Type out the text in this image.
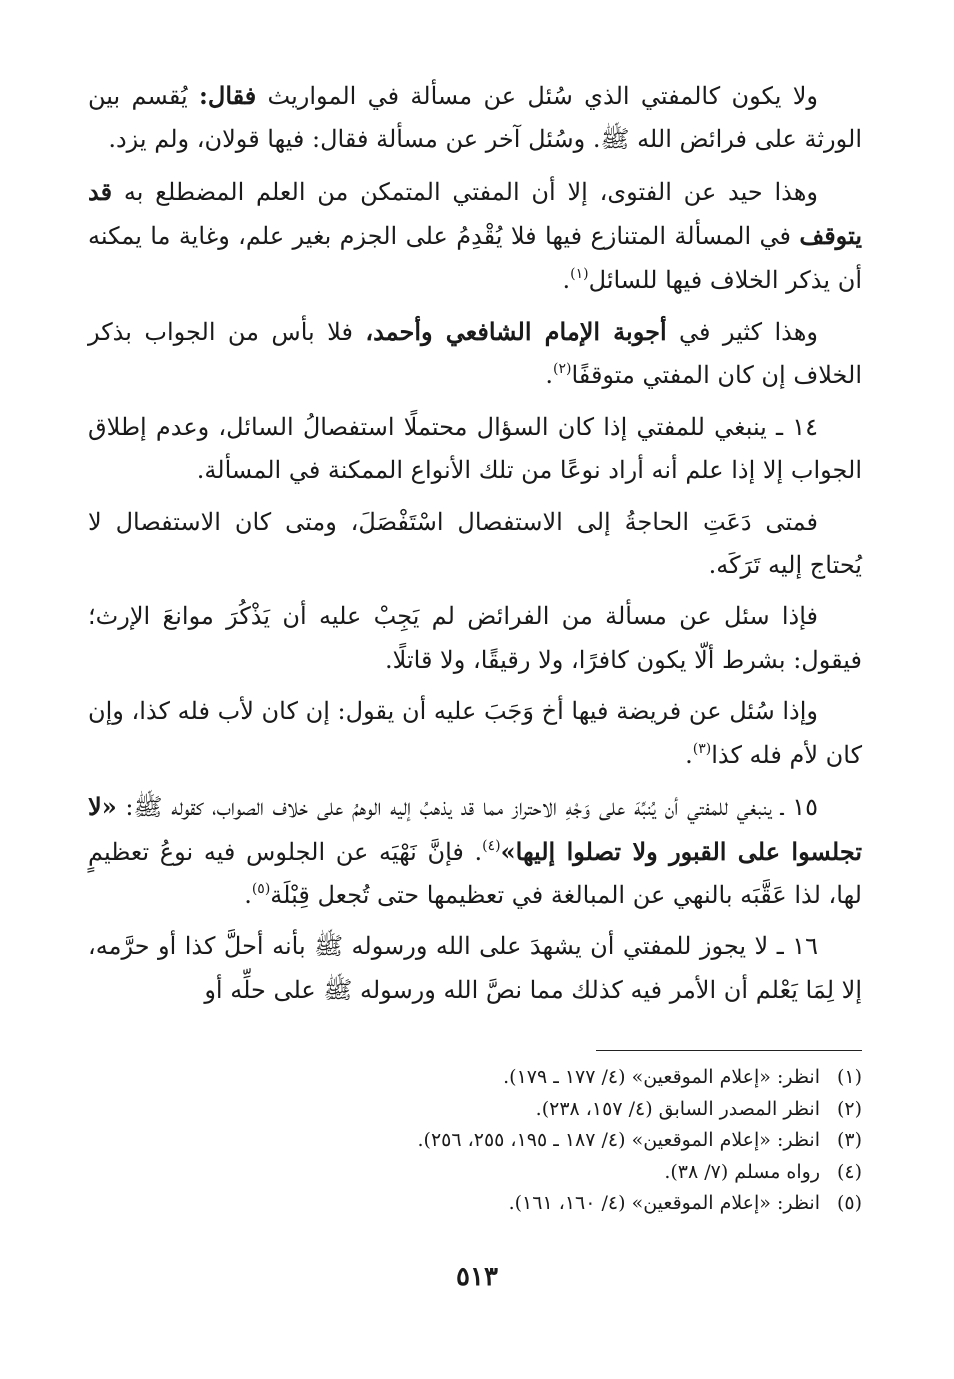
ولا يكون كالمفتي الذي سُئل عن مسألة في المواريث فقال: يُقسم بين الورثة على فرائض الله ﷺ. وسُئل آخر عن مسألة فقال: فيها قولان، ولم يزد.

وهذا حيد عن الفتوى، إلا أن المفتي المتمكن من العلم المضطلع به قد يتوقف في المسألة المتنازع فيها فلا يُقْدِمُ على الجزم بغير علم، وغاية ما يمكنه أن يذكر الخلاف فيها للسائل$^{(١)}$.

وهذا كثير في أجوبة الإمام الشافعي وأحمد، فلا بأس من الجواب بذكر الخلاف إن كان المفتي متوقفًا$^{(٢)}$.

١٤ ـ ينبغي للمفتي إذا كان السؤال محتملًا استفصالُ السائل، وعدم إطلاق الجواب إلا إذا علم أنه أراد نوعًا من تلك الأنواع الممكنة في المسألة.

فمتى دَعَتِ الحاجةُ إلى الاستفصال اسْتَفْصَلَ، ومتى كان الاستفصال لا يُحتاج إليه تَرَكَه.

فإذا سئل عن مسألة من الفرائض لم يَجِبْ عليه أن يَذْكُرَ موانعَ الإرث؛ فيقول: بشرط ألّا يكون كافرًا، ولا رقيقًا، ولا قاتلًا.

وإذا سُئل عن فريضة فيها أخ وَجَبَ عليه أن يقول: إن كان لأب فله كذا، وإن كان لأم فله كذا$^{(٣)}$.

١٥ ـ ينبغي للمفتي أن يُنبِّهَ على وَجْهِ الاحتراز مما قد يذهبُ إليه الوهمُ على خلاف الصواب، كقوله ﷺ: «لا تجلسوا على القبور ولا تصلوا إليها»$^{(٤)}$. فإنَّ نَهْيَه عن الجلوس فيه نوعُ تعظيمٍ لها، لذا عَقَّبَه بالنهي عن المبالغة في تعظيمها حتى تُجعل قِبْلَة$^{(٥)}$.

١٦ ـ لا يجوز للمفتي أن يشهدَ على الله ورسوله ﷺ بأنه أحلَّ كذا أو حرَّمه، إلا لِمَا يَعْلم أن الأمر فيه كذلك مما نصَّ الله ورسوله ﷺ على حلِّه أو

(١)
انظر: «إعلام الموقعين» (٤/ ١٧٧ ـ ١٧٩).
(٢)
انظر المصدر السابق (٤/ ١٥٧، ٢٣٨).
(٣)
انظر: «إعلام الموقعين» (٤/ ١٨٧ ـ ١٩٥، ٢٥٥، ٢٥٦).
(٤)
رواه مسلم (٧/ ٣٨).
(٥)
انظر: «إعلام الموقعين» (٤/ ١٦٠، ١٦١).
٥١٣
